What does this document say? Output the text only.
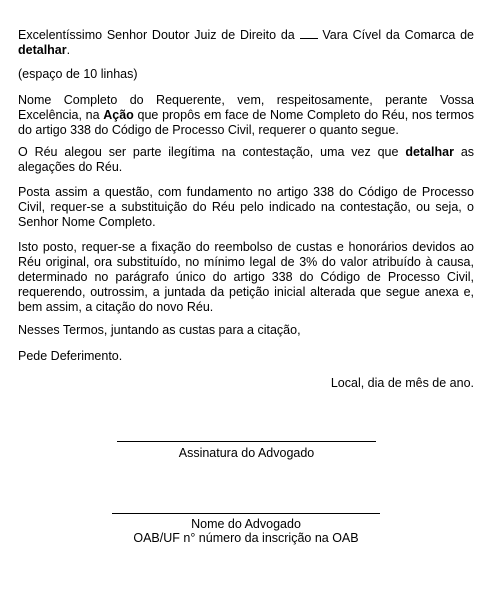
Excelentíssimo Senhor Doutor Juiz de Direito da Vara Cível da Comarca de detalhar.

(espaço de 10 linhas)

Nome Completo do Requerente, vem, respeitosamente, perante Vossa Excelência, na Ação que propôs em face de Nome Completo do Réu, nos termos do artigo 338 do Código de Processo Civil, requerer o quanto segue.

O Réu alegou ser parte ilegítima na contestação, uma vez que detalhar as alegações do Réu.

Posta assim a questão, com fundamento no artigo 338 do Código de Processo Civil, requer-se a substituição do Réu pelo indicado na contestação, ou seja, o Senhor Nome Completo.

Isto posto, requer-se a fixação do reembolso de custas e honorários devidos ao Réu original, ora substituído, no mínimo legal de 3% do valor atribuído à causa, determinado no parágrafo único do artigo 338 do Código de Processo Civil, requerendo, outrossim, a juntada da petição inicial alterada que segue anexa e, bem assim, a citação do novo Réu.

Nesses Termos, juntando as custas para a citação,

Pede Deferimento.

Local, dia de mês de ano.

Assinatura do Advogado

Nome do Advogado

OAB/UF n° número da inscrição na OAB
